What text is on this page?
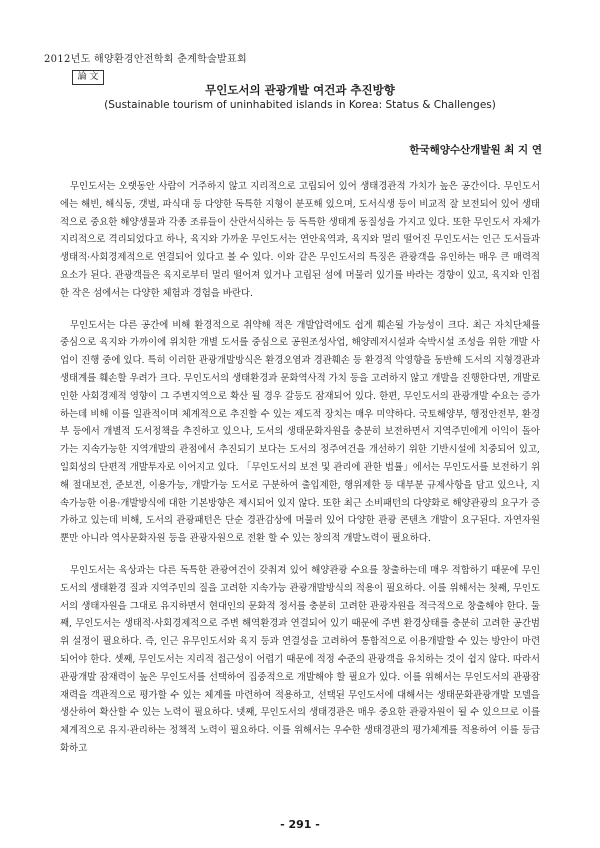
2012년도 해양환경안전학회 춘계학술발표회
論 文
무인도서의 관광개발 여건과 추진방향
(Sustainable tourism of uninhabited islands in Korea: Status & Challenges)
한국해양수산개발원 최 지 연

무인도서는 오랫동안 사람이 거주하지 않고 지리적으로 고립되어 있어 생태경관적 가치가 높은 공간이다. 무인도서에는 해빈, 해식동, 갯벌, 파식대 등 다양한 독특한 지형이 분포해 있으며, 도서식생 등이 비교적 잘 보전되어 있어 생태적으로 중요한 해양생물과 각종 조류들이 산란서식하는 등 독특한 생태계 동질성을 가지고 있다. 또한 무인도서 자체가 지리적으로 격리되었다고 하나, 육지와 가까운 무인도서는 연안육역과, 육지와 멀리 떨어진 무인도서는 인근 도서들과 생태적·사회경제적으로 연결되어 있다고 볼 수 있다. 이와 같은 무인도서의 특징은 관광객을 유인하는 매우 큰 매력적 요소가 된다. 관광객들은 육지로부터 멀리 떨어져 있거나 고립된 섬에 머물러 있기를 바라는 경향이 있고, 육지와 인접한 작은 섬에서는 다양한 체험과 경험을 바란다.

무인도서는 다른 공간에 비해 환경적으로 취약해 적은 개발압력에도 쉽게 훼손될 가능성이 크다. 최근 자치단체를 중심으로 육지와 가까이에 위치한 개별 도서를 중심으로 공원조성사업, 해양레저시설과 숙박시설 조성을 위한 개발 사업이 진행 중에 있다. 특히 이러한 관광개발방식은 환경오염과 경관훼손 등 환경적 악영향을 동반해 도서의 지형경관과 생태계를 훼손할 우려가 크다. 무인도서의 생태환경과 문화역사적 가치 등을 고려하지 않고 개발을 진행한다면, 개발로 인한 사회경제적 영향이 그 주변지역으로 확산 될 경우 갈등도 잠재되어 있다. 한편, 무인도서의 관광개발 수요는 증가하는데 비해 이를 일관적이며 체계적으로 추진할 수 있는 제도적 장치는 매우 미약하다. 국토해양부, 행정안전부, 환경부 등에서 개별적 도서정책을 추진하고 있으나, 도서의 생태문화자원을 충분히 보전하면서 지역주민에게 이익이 돌아가는 지속가능한 지역개발의 관점에서 추진되기 보다는 도서의 정주여건을 개선하기 위한 기반시설에 치중되어 있고, 일회성의 단편적 개발투자로 이어지고 있다. 「무인도서의 보전 및 관리에 관한 법률」에서는 무인도서를 보전하기 위해 절대보전, 준보전, 이용가능, 개발가능 도서로 구분하여 출입제한, 행위제한 등 대부분 규제사항을 담고 있으나, 지속가능한 이용·개발방식에 대한 기본방향은 제시되어 있지 않다. 또한 최근 소비패턴의 다양화로 해양관광의 요구가 증가하고 있는데 비해, 도서의 관광패턴은 단순 경관감상에 머물러 있어 다양한 관광 콘텐츠 개발이 요구된다. 자연자원 뿐만 아니라 역사문화자원 등을 관광자원으로 전환 할 수 있는 창의적 개발노력이 필요하다.

무인도서는 육상과는 다른 독특한 관광여건이 갖춰져 있어 해양관광 수요를 창출하는데 매우 적합하기 때문에 무인도서의 생태환경 질과 지역주민의 질을 고려한 지속가능 관광개발방식의 적용이 필요하다. 이를 위해서는 첫째, 무인도서의 생태자원을 그대로 유지하면서 현대인의 문화적 정서를 충분히 고려한 관광자원을 적극적으로 창출해야 한다. 둘째, 무인도서는 생태적·사회경제적으로 주변 해역환경과 연결되어 있기 때문에 주변 환경상태를 충분히 고려한 공간범위 설정이 필요하다. 즉, 인근 유무인도서와 육지 등과 연결성을 고려하여 통합적으로 이용개발할 수 있는 방안이 마련되어야 한다. 셋째, 무인도서는 지리적 접근성이 어렵기 때문에 적정 수준의 관광객을 유치하는 것이 쉽지 않다. 따라서 관광개발 잠재력이 높은 무인도서를 선택하여 집중적으로 개발해야 할 필요가 있다. 이를 위해서는 무인도서의 관광잠재력을 객관적으로 평가할 수 있는 체계를 마련하여 적용하고, 선택된 무인도서에 대해서는 생태문화관광개발 모델을 생산하여 확산할 수 있는 노력이 필요하다. 넷째, 무인도서의 생태경관은 매우 중요한 관광자원이 될 수 있으므로 이를 체계적으로 유지·관리하는 정책적 노력이 필요하다. 이를 위해서는 우수한 생태경관의 평가체계를 적용하여 이를 등급화하고

- 291 -
